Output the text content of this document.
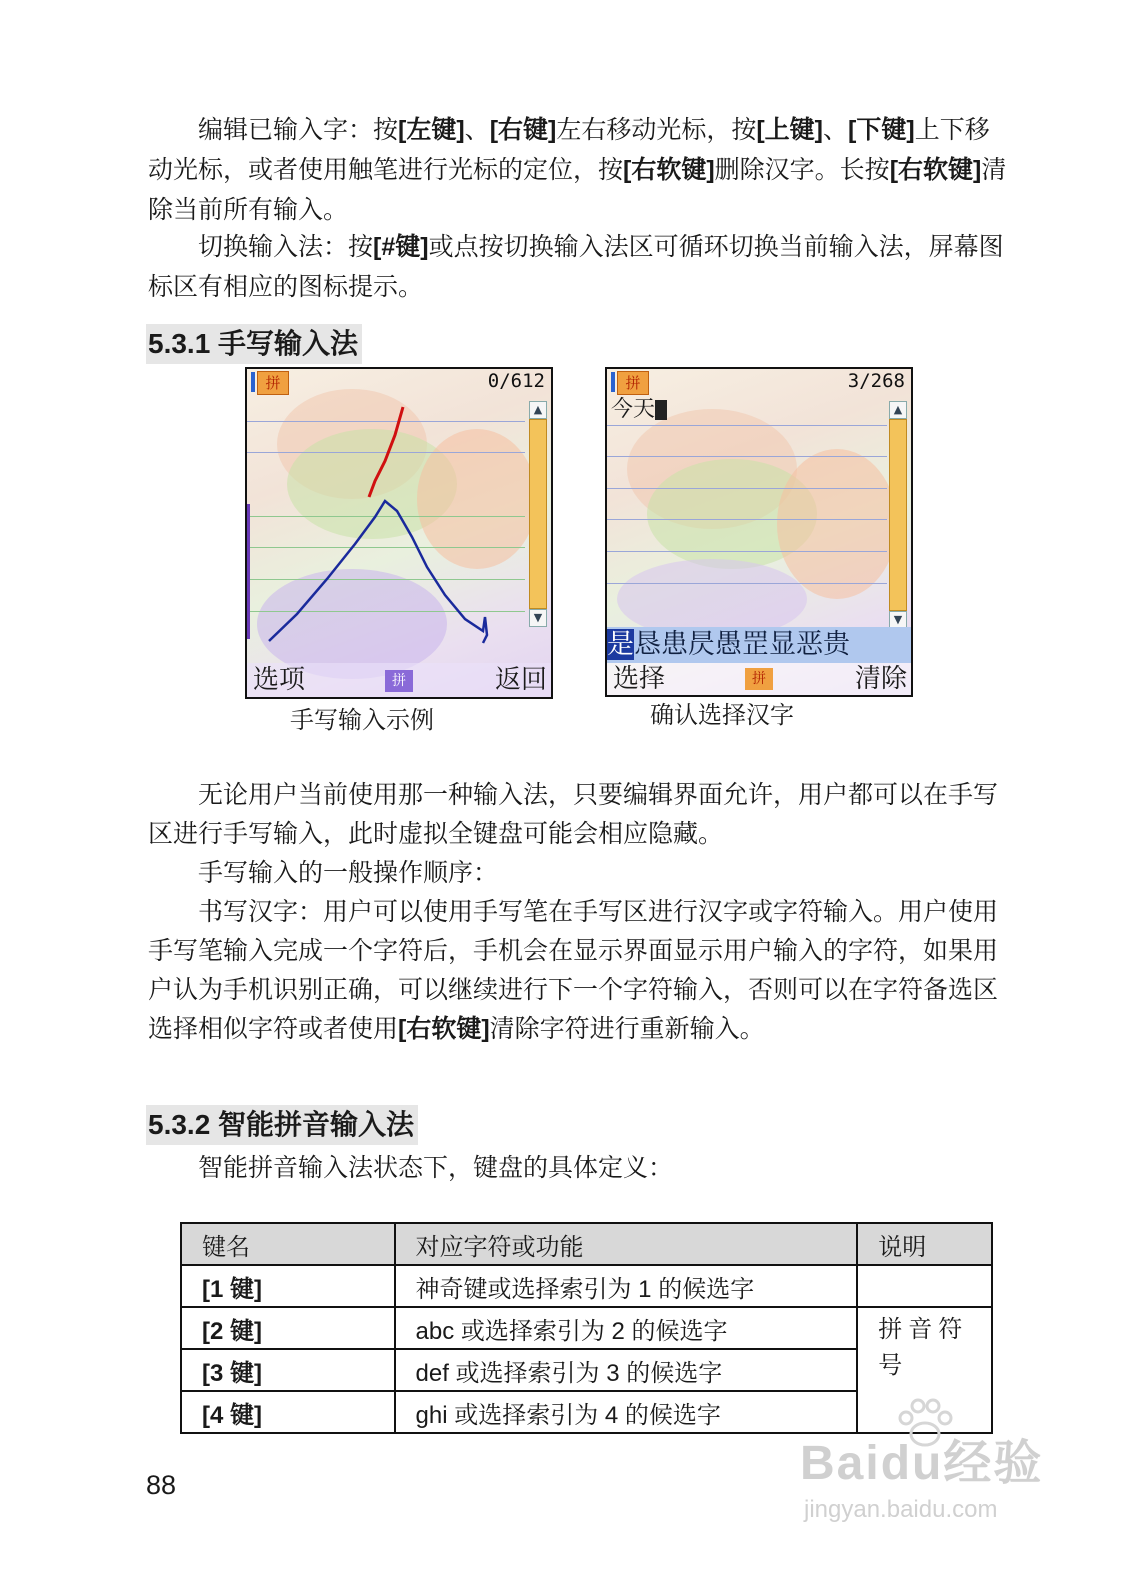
编辑已输入字：按[左键]、[右键]左右移动光标，按[上键]、[下键]上下移动光标，或者使用触笔进行光标的定位，按[右软键]删除汉字。长按[右软键]清除当前所有输入。

切换输入法：按[#键]或点按切换输入法区可循环切换当前输入法，屏幕图标区有相应的图标提示。

5.3.1 手写输入法
拼	0/612
▲
▼
选项	拼	返回
手写输入示例
拼	3/268
今天	▲
▼
是恳患昃愚罡显恶贵
选择	拼	清除
确认选择汉字

无论用户当前使用那一种输入法，只要编辑界面允许，用户都可以在手写区进行手写输入，此时虚拟全键盘可能会相应隐藏。

手写输入的一般操作顺序：

书写汉字：用户可以使用手写笔在手写区进行汉字或字符输入。用户使用手写笔输入完成一个字符后，手机会在显示界面显示用户输入的字符，如果用户认为手机识别正确，可以继续进行下一个字符输入，否则可以在字符备选区选择相似字符或者使用[右软键]清除字符进行重新输入。

5.3.2 智能拼音输入法

智能拼音输入法状态下，键盘的具体定义：

键名	对应字符或功能	说明
[1 键]	神奇键或选择索引为 1 的候选字	
[2 键]	abc 或选择索引为 2 的候选字	拼音符号
[3 键]	def 或选择索引为 3 的候选字	
[4 键]	ghi 或选择索引为 4 的候选字	
88	Baidu经验
jingyan.baidu.com
